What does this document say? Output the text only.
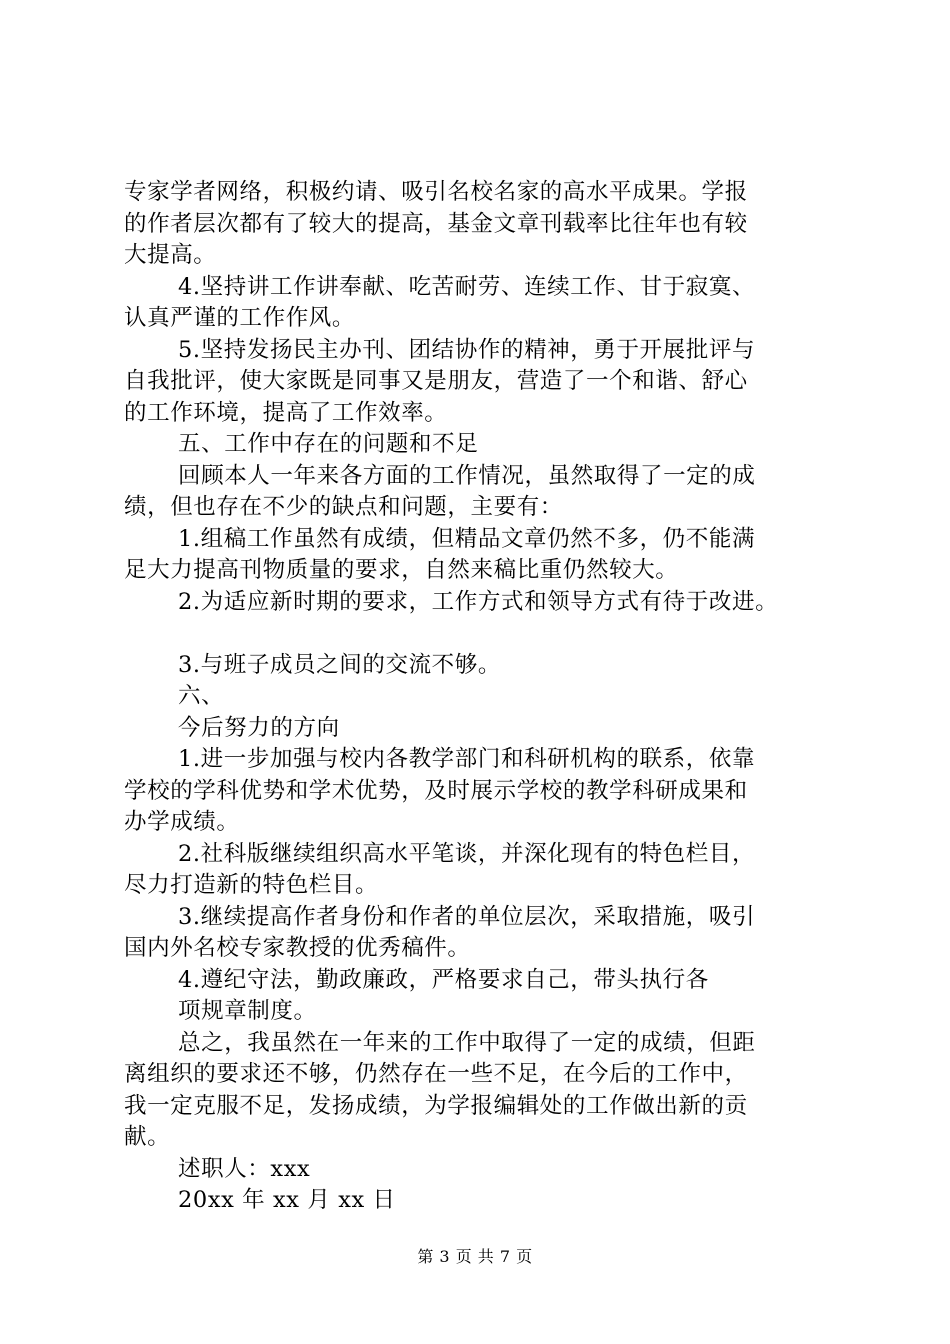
专家学者网络，积极约请、吸引名校名家的高水平成果。学报
的作者层次都有了较大的提高，基金文章刊载率比往年也有较
大提高。
4.坚持讲工作讲奉献、吃苦耐劳、连续工作、甘于寂寞、
认真严谨的工作作风。
5.坚持发扬民主办刊、团结协作的精神，勇于开展批评与
自我批评，使大家既是同事又是朋友，营造了一个和谐、舒心
的工作环境，提高了工作效率。
五、工作中存在的问题和不足
回顾本人一年来各方面的工作情况，虽然取得了一定的成
绩，但也存在不少的缺点和问题，主要有：
1.组稿工作虽然有成绩，但精品文章仍然不多，仍不能满
足大力提高刊物质量的要求，自然来稿比重仍然较大。
2.为适应新时期的要求，工作方式和领导方式有待于改进。
3.与班子成员之间的交流不够。
六、
今后努力的方向
1.进一步加强与校内各教学部门和科研机构的联系，依靠
学校的学科优势和学术优势，及时展示学校的教学科研成果和
办学成绩。
2.社科版继续组织高水平笔谈，并深化现有的特色栏目，
尽力打造新的特色栏目。
3.继续提高作者身份和作者的单位层次，采取措施，吸引
国内外名校专家教授的优秀稿件。
4.遵纪守法，勤政廉政，严格要求自己，带头执行各
项规章制度。
总之，我虽然在一年来的工作中取得了一定的成绩，但距
离组织的要求还不够，仍然存在一些不足，在今后的工作中，
我一定克服不足，发扬成绩，为学报编辑处的工作做出新的贡
献。
述职人：xxx
20xx 年 xx 月 xx 日
第 3 页 共 7 页
